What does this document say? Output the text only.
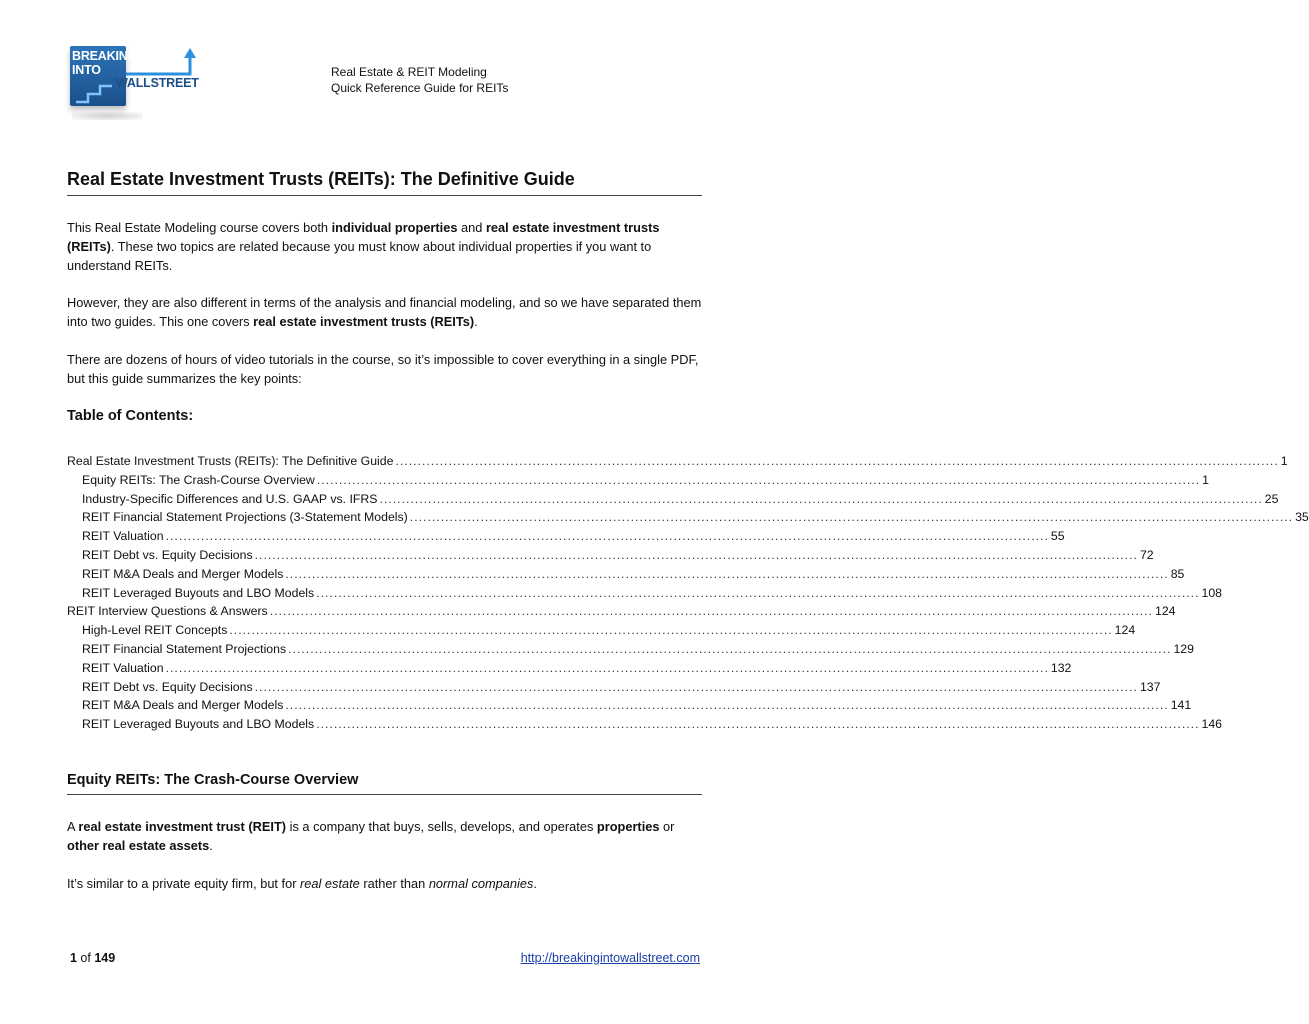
BREAKING
INTO
WALLSTREET
Real Estate & REIT Modeling
Quick Reference Guide for REITs
Real Estate Investment Trusts (REITs): The Definitive Guide
This Real Estate Modeling course covers both individual properties and real estate investment trusts (REITs). These two topics are related because you must know about individual properties if you want to understand REITs.
However, they are also different in terms of the analysis and financial modeling, and so we have separated them into two guides. This one covers real estate investment trusts (REITs).
There are dozens of hours of video tutorials in the course, so it’s impossible to cover everything in a single PDF, but this guide summarizes the key points:
Table of Contents:
Real Estate Investment Trusts (REITs): The Definitive Guide ........................................................................................................................................................................................................ 1
Equity REITs: The Crash-Course Overview ........................................................................................................................................................................................................ 1
Industry-Specific Differences and U.S. GAAP vs. IFRS ........................................................................................................................................................................................................ 25
REIT Financial Statement Projections (3-Statement Models) ........................................................................................................................................................................................................ 35
REIT Valuation ........................................................................................................................................................................................................ 55
REIT Debt vs. Equity Decisions ........................................................................................................................................................................................................ 72
REIT M&A Deals and Merger Models ........................................................................................................................................................................................................ 85
REIT Leveraged Buyouts and LBO Models ........................................................................................................................................................................................................ 108
REIT Interview Questions & Answers ........................................................................................................................................................................................................ 124
High-Level REIT Concepts ........................................................................................................................................................................................................ 124
REIT Financial Statement Projections ........................................................................................................................................................................................................ 129
REIT Valuation ........................................................................................................................................................................................................ 132
REIT Debt vs. Equity Decisions ........................................................................................................................................................................................................ 137
REIT M&A Deals and Merger Models ........................................................................................................................................................................................................ 141
REIT Leveraged Buyouts and LBO Models ........................................................................................................................................................................................................ 146
Equity REITs: The Crash-Course Overview
A real estate investment trust (REIT) is a company that buys, sells, develops, and operates properties or other real estate assets.
It’s similar to a private equity firm, but for real estate rather than normal companies.
1 of 149	http://breakingintowallstreet.com
